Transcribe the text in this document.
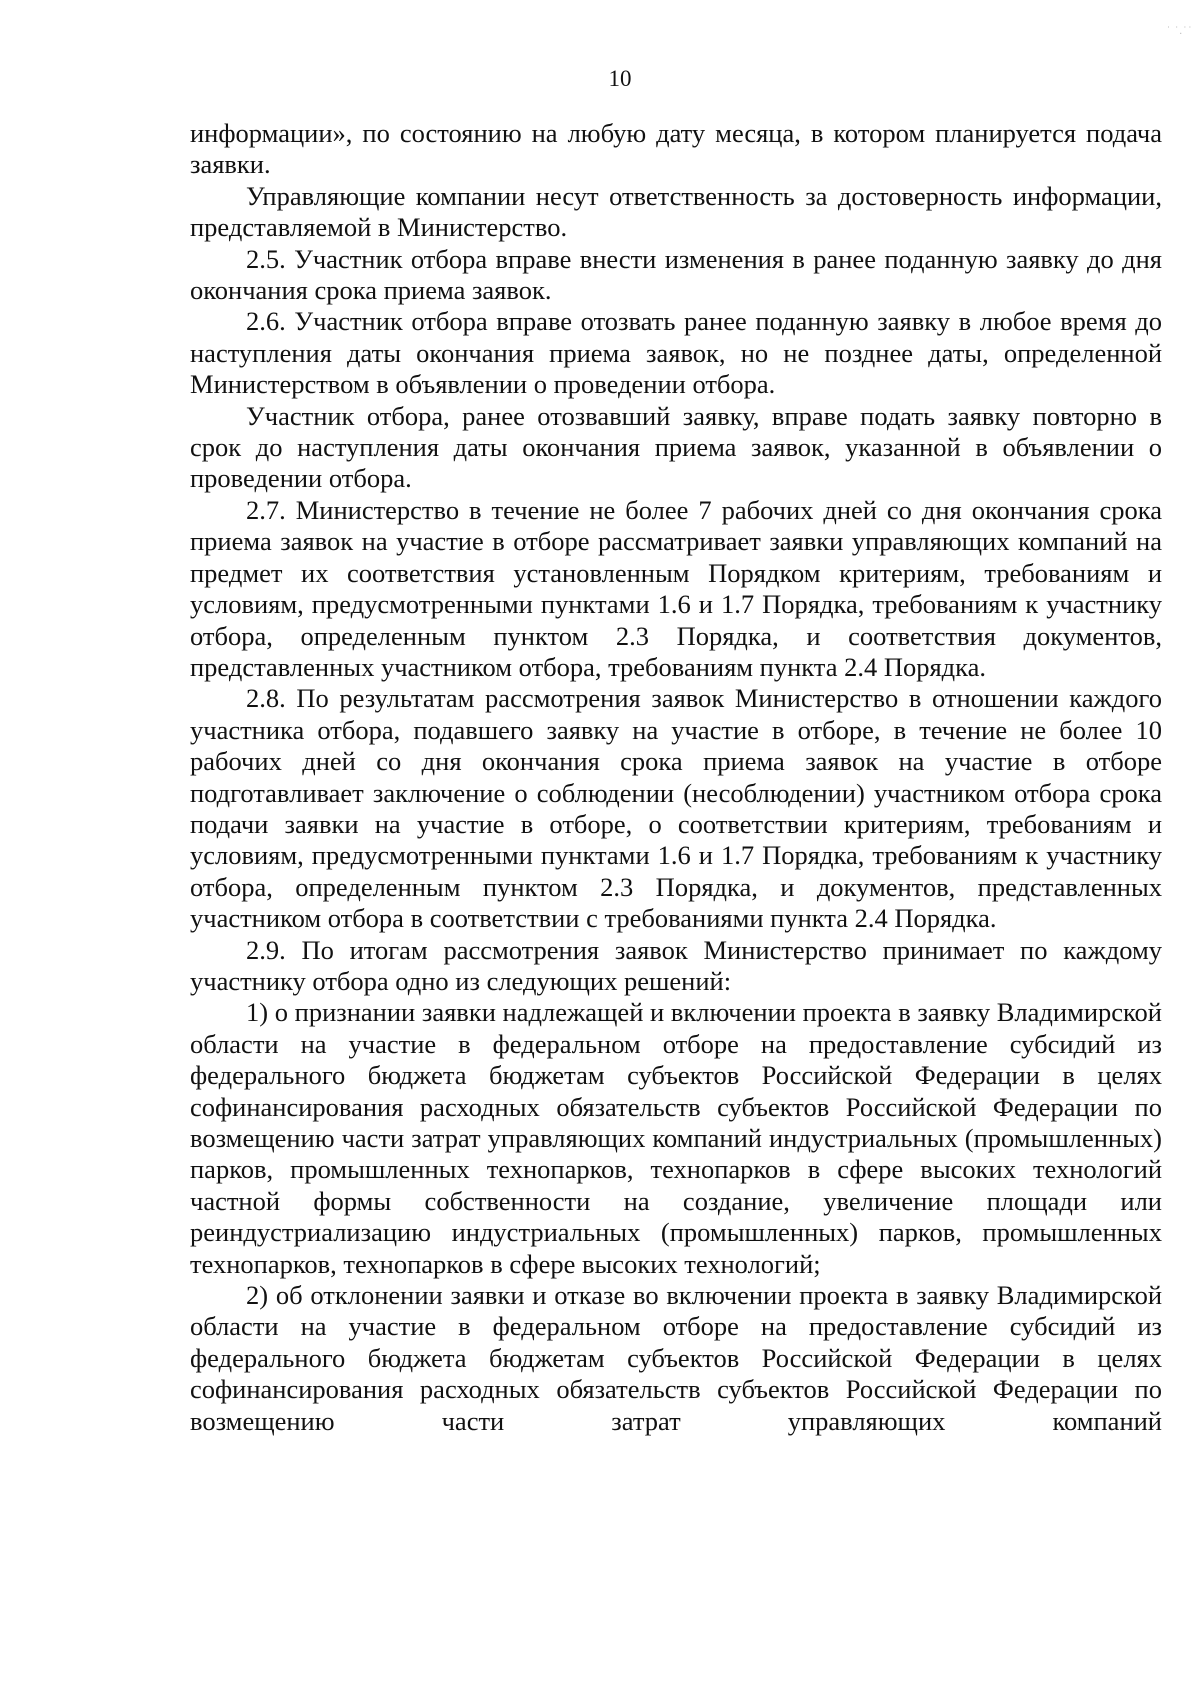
˙ ˙.˙˙
10

информации», по состоянию на любую дату месяца, в котором планируется подача заявки.

Управляющие компании несут ответственность за достоверность информации, представляемой в Министерство.

2.5. Участник отбора вправе внести изменения в ранее поданную заявку до дня окончания срока приема заявок.

2.6. Участник отбора вправе отозвать ранее поданную заявку в любое время до наступления даты окончания приема заявок, но не позднее даты, определенной Министерством в объявлении о проведении отбора.

Участник отбора, ранее отозвавший заявку, вправе подать заявку повторно в срок до наступления даты окончания приема заявок, указанной в объявлении о проведении отбора.

2.7. Министерство в течение не более 7 рабочих дней со дня окончания срока приема заявок на участие в отборе рассматривает заявки управляющих компаний на предмет их соответствия установленным Порядком критериям, требованиям и условиям, предусмотренными пунктами 1.6 и 1.7 Порядка, требованиям к участнику отбора, определенным пунктом 2.3 Порядка, и соответствия документов, представленных участником отбора, требованиям пункта 2.4 Порядка.

2.8. По результатам рассмотрения заявок Министерство в отношении каждого участника отбора, подавшего заявку на участие в отборе, в течение не более 10 рабочих дней со дня окончания срока приема заявок на участие в отборе подготавливает заключение о соблюдении (несоблюдении) участником отбора срока подачи заявки на участие в отборе, о соответствии критериям, требованиям и условиям, предусмотренными пунктами 1.6 и 1.7 Порядка, требованиям к участнику отбора, определенным пунктом 2.3 Порядка, и документов, представленных участником отбора в соответствии с требованиями пункта 2.4 Порядка.

2.9. По итогам рассмотрения заявок Министерство принимает по каждому участнику отбора одно из следующих решений:

1) о признании заявки надлежащей и включении проекта в заявку Владимирской области на участие в федеральном отборе на предоставление субсидий из федерального бюджета бюджетам субъектов Российской Федерации в целях софинансирования расходных обязательств субъектов Российской Федерации по возмещению части затрат управляющих компаний индустриальных (промышленных) парков, промышленных технопарков, технопарков в сфере высоких технологий частной формы собственности на создание, увеличение площади или реиндустриализацию индустриальных (промышленных) парков, промышленных технопарков, технопарков в сфере высоких технологий;

2) об отклонении заявки и отказе во включении проекта в заявку Владимирской области на участие в федеральном отборе на предоставление субсидий из федерального бюджета бюджетам субъектов Российской Федерации в целях софинансирования расходных обязательств субъектов Российской Федерации по возмещению части затрат управляющих компаний
